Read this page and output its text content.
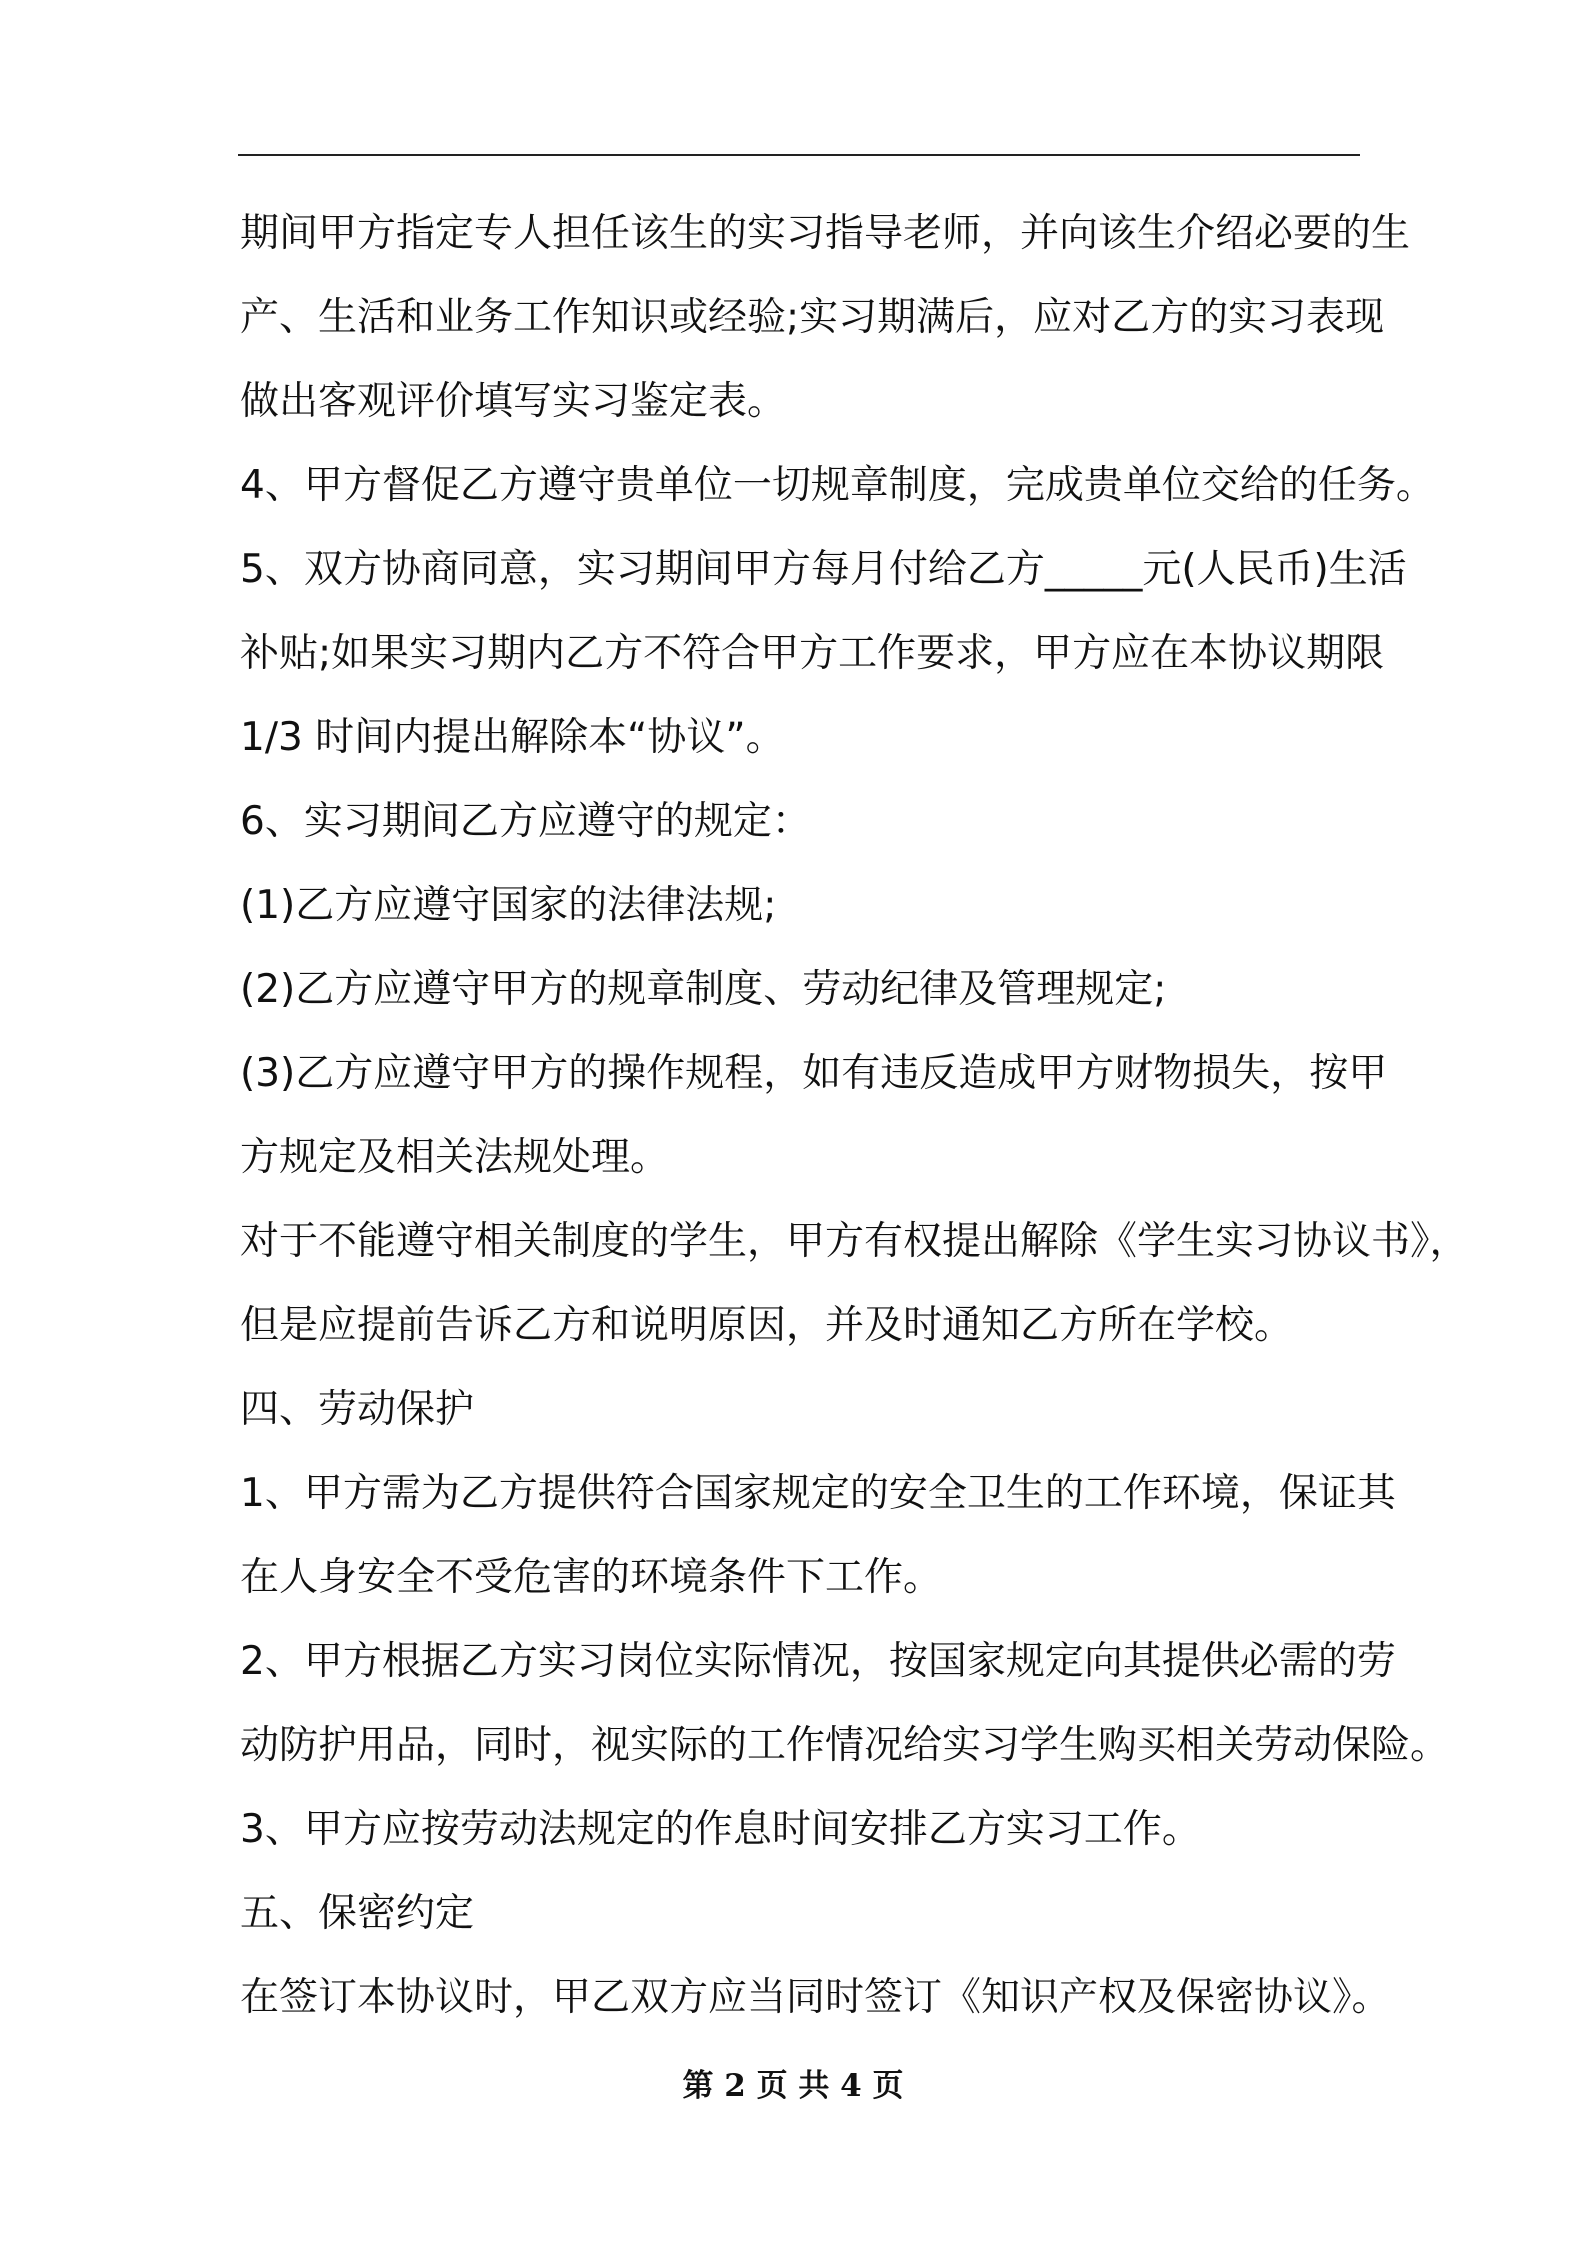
期间甲方指定专人担任该生的实习指导老师，并向该生介绍必要的生
产、生活和业务工作知识或经验;实习期满后，应对乙方的实习表现
做出客观评价填写实习鉴定表。
4、甲方督促乙方遵守贵单位一切规章制度，完成贵单位交给的任务。
5、双方协商同意，实习期间甲方每月付给乙方_____元(人民币)生活
补贴;如果实习期内乙方不符合甲方工作要求，甲方应在本协议期限
1/3 时间内提出解除本“协议”。
6、实习期间乙方应遵守的规定：
(1)乙方应遵守国家的法律法规;
(2)乙方应遵守甲方的规章制度、劳动纪律及管理规定;
(3)乙方应遵守甲方的操作规程，如有违反造成甲方财物损失，按甲
方规定及相关法规处理。
对于不能遵守相关制度的学生，甲方有权提出解除《学生实习协议书》，
但是应提前告诉乙方和说明原因，并及时通知乙方所在学校。
四、劳动保护
1、甲方需为乙方提供符合国家规定的安全卫生的工作环境，保证其
在人身安全不受危害的环境条件下工作。
2、甲方根据乙方实习岗位实际情况，按国家规定向其提供必需的劳
动防护用品，同时，视实际的工作情况给实习学生购买相关劳动保险。
3、甲方应按劳动法规定的作息时间安排乙方实习工作。
五、保密约定
在签订本协议时，甲乙双方应当同时签订《知识产权及保密协议》。
第 2 页 共 4 页
